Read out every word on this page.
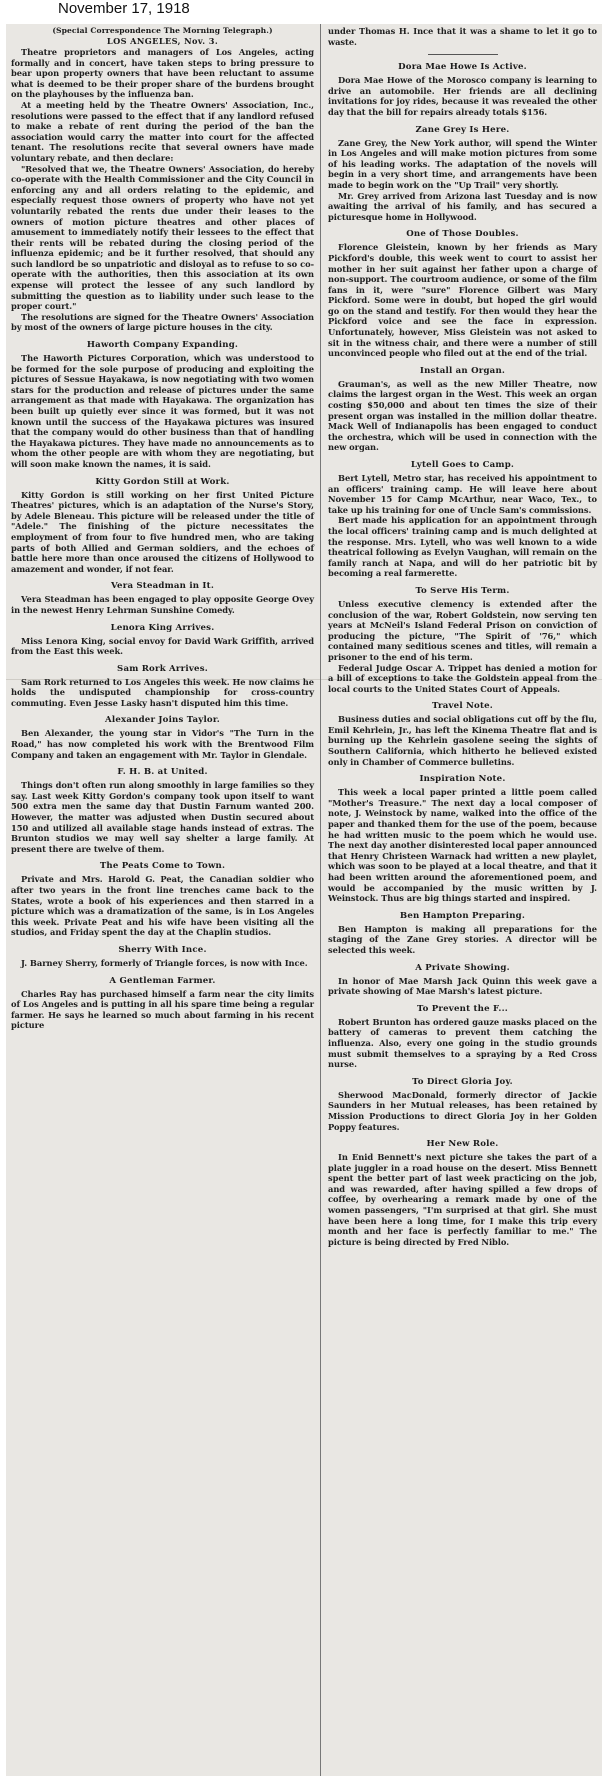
November 17, 1918
(Special Correspondence The Morning Telegraph.)
LOS ANGELES, Nov. 3.

Theatre proprietors and managers of Los Angeles, acting formally and in concert, have taken steps to bring pressure to bear upon property owners that have been reluctant to assume what is deemed to be their proper share of the burdens brought on the playhouses by the influenza ban.

At a meeting held by the Theatre Owners' Association, Inc., resolutions were passed to the effect that if any landlord refused to make a rebate of rent during the period of the ban the association would carry the matter into court for the affected tenant. The resolutions recite that several owners have made voluntary rebate, and then declare:

"Resolved that we, the Theatre Owners' Association, do hereby co-operate with the Health Commissioner and the City Council in enforcing any and all orders relating to the epidemic, and especially request those owners of property who have not yet voluntarily rebated the rents due under their leases to the owners of motion picture theatres and other places of amusement to immediately notify their lessees to the effect that their rents will be rebated during the closing period of the influenza epidemic; and be it further resolved, that should any such landlord be so unpatriotic and disloyal as to refuse to so co-operate with the authorities, then this association at its own expense will protect the lessee of any such landlord by submitting the question as to liability under such lease to the proper court."

The resolutions are signed for the Theatre Owners' Association by most of the owners of large picture houses in the city.

Haworth Company Expanding.

The Haworth Pictures Corporation, which was understood to be formed for the sole purpose of producing and exploiting the pictures of Sessue Hayakawa, is now negotiating with two women stars for the production and release of pictures under the same arrangement as that made with Hayakawa. The organization has been built up quietly ever since it was formed, but it was not known until the success of the Hayakawa pictures was insured that the company would do other business than that of handling the Hayakawa pictures. They have made no announcements as to whom the other people are with whom they are negotiating, but will soon make known the names, it is said.

Kitty Gordon Still at Work.

Kitty Gordon is still working on her first United Picture Theatres' pictures, which is an adaptation of the Nurse's Story, by Adele Bleneau. This picture will be released under the title of "Adele." The finishing of the picture necessitates the employment of from four to five hundred men, who are taking parts of both Allied and German soldiers, and the echoes of battle here more than once aroused the citizens of Hollywood to amazement and wonder, if not fear.

Vera Steadman in It.

Vera Steadman has been engaged to play opposite George Ovey in the newest Henry Lehrman Sunshine Comedy.

Lenora King Arrives.

Miss Lenora King, social envoy for David Wark Griffith, arrived from the East this week.

Sam Rork Arrives.

Sam Rork returned to Los Angeles this week. He now claims he holds the undisputed championship for cross-country commuting. Even Jesse Lasky hasn't disputed him this time.

Alexander Joins Taylor.

Ben Alexander, the young star in Vidor's "The Turn in the Road," has now completed his work with the Brentwood Film Company and taken an engagement with Mr. Taylor in Glendale.

F. H. B. at United.

Things don't often run along smoothly in large families so they say. Last week Kitty Gordon's company took upon itself to want 500 extra men the same day that Dustin Farnum wanted 200. However, the matter was adjusted when Dustin secured about 150 and utilized all available stage hands instead of extras. The Brunton studios we may well say shelter a large family. At present there are twelve of them.

The Peats Come to Town.

Private and Mrs. Harold G. Peat, the Canadian soldier who after two years in the front line trenches came back to the States, wrote a book of his experiences and then starred in a picture which was a dramatization of the same, is in Los Angeles this week. Private Peat and his wife have been visiting all the studios, and Friday spent the day at the Chaplin studios.

Sherry With Ince.

J. Barney Sherry, formerly of Triangle forces, is now with Ince.

A Gentleman Farmer.

Charles Ray has purchased himself a farm near the city limits of Los Angeles and is putting in all his spare time being a regular farmer. He says he learned so much about farming in his recent picture

under Thomas H. Ince that it was a shame to let it go to waste.

Dora Mae Howe Is Active.

Dora Mae Howe of the Morosco company is learning to drive an automobile. Her friends are all declining invitations for joy rides, because it was revealed the other day that the bill for repairs already totals $156.

Zane Grey Is Here.

Zane Grey, the New York author, will spend the Winter in Los Angeles and will make motion pictures from some of his leading works. The adaptation of the novels will begin in a very short time, and arrangements have been made to begin work on the "Up Trail" very shortly.

Mr. Grey arrived from Arizona last Tuesday and is now awaiting the arrival of his family, and has secured a picturesque home in Hollywood.

One of Those Doubles.

Florence Gleistein, known by her friends as Mary Pickford's double, this week went to court to assist her mother in her suit against her father upon a charge of non-support. The courtroom audience, or some of the film fans in it, were "sure" Florence Gilbert was Mary Pickford. Some were in doubt, but hoped the girl would go on the stand and testify. For then would they hear the Pickford voice and see the face in expression. Unfortunately, however, Miss Gleistein was not asked to sit in the witness chair, and there were a number of still unconvinced people who filed out at the end of the trial.

Install an Organ.

Grauman's, as well as the new Miller Theatre, now claims the largest organ in the West. This week an organ costing $50,000 and about ten times the size of their present organ was installed in the million dollar theatre. Mack Well of Indianapolis has been engaged to conduct the orchestra, which will be used in connection with the new organ.

Lytell Goes to Camp.

Bert Lytell, Metro star, has received his appointment to an officers' training camp. He will leave here about November 15 for Camp McArthur, near Waco, Tex., to take up his training for one of Uncle Sam's commissions.

Bert made his application for an appointment through the local officers' training camp and is much delighted at the response. Mrs. Lytell, who was well known to a wide theatrical following as Evelyn Vaughan, will remain on the family ranch at Napa, and will do her patriotic bit by becoming a real farmerette.

To Serve His Term.

Unless executive clemency is extended after the conclusion of the war, Robert Goldstein, now serving ten years at McNeil's Island Federal Prison on conviction of producing the picture, "The Spirit of '76," which contained many seditious scenes and titles, will remain a prisoner to the end of his term.

Federal Judge Oscar A. Trippet has denied a motion for a bill of exceptions to take the Goldstein appeal from the local courts to the United States Court of Appeals.

Travel Note.

Business duties and social obligations cut off by the flu, Emil Kehrlein, Jr., has left the Kinema Theatre flat and is burning up the Kehrlein gasolene seeing the sights of Southern California, which hitherto he believed existed only in Chamber of Commerce bulletins.

Inspiration Note.

This week a local paper printed a little poem called "Mother's Treasure." The next day a local composer of note, J. Weinstock by name, walked into the office of the paper and thanked them for the use of the poem, because he had written music to the poem which he would use. The next day another disinterested local paper announced that Henry Christeen Warnack had written a new playlet, which was soon to be played at a local theatre, and that it had been written around the aforementioned poem, and would be accompanied by the music written by J. Weinstock. Thus are big things started and inspired.

Ben Hampton Preparing.

Ben Hampton is making all preparations for the staging of the Zane Grey stories. A director will be selected this week.

A Private Showing.

In honor of Mae Marsh Jack Quinn this week gave a private showing of Mae Marsh's latest picture.

To Prevent the F...

Robert Brunton has ordered gauze masks placed on the battery of cameras to prevent them catching the influenza. Also, every one going in the studio grounds must submit themselves to a spraying by a Red Cross nurse.

To Direct Gloria Joy.

Sherwood MacDonald, formerly director of Jackie Saunders in her Mutual releases, has been retained by Mission Productions to direct Gloria Joy in her Golden Poppy features.

Her New Role.

In Enid Bennett's next picture she takes the part of a plate juggler in a road house on the desert. Miss Bennett spent the better part of last week practicing on the job, and was rewarded, after having spilled a few drops of coffee, by overhearing a remark made by one of the women passengers, "I'm surprised at that girl. She must have been here a long time, for I make this trip every month and her face is perfectly familiar to me." The picture is being directed by Fred Niblo.
